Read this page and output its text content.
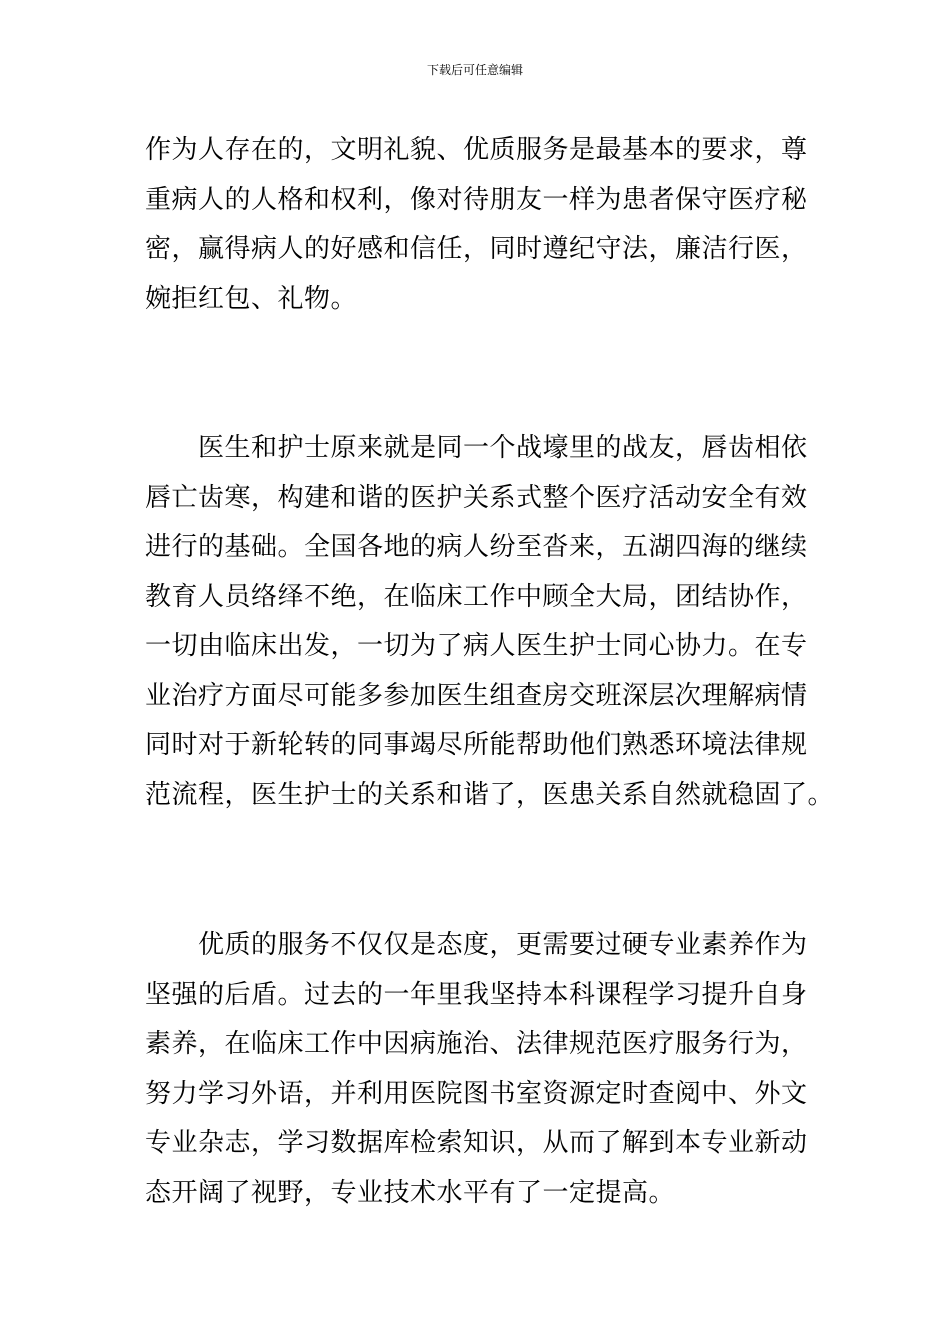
下载后可任意编辑
作为人存在的，文明礼貌、优质服务是最基本的要求，尊
重病人的人格和权利，像对待朋友一样为患者保守医疗秘
密，赢得病人的好感和信任，同时遵纪守法，廉洁行医，
婉拒红包、礼物。
　　医生和护士原来就是同一个战壕里的战友，唇齿相依
唇亡齿寒，构建和谐的医护关系式整个医疗活动安全有效
进行的基础。全国各地的病人纷至沓来，五湖四海的继续
教育人员络绎不绝，在临床工作中顾全大局，团结协作，
一切由临床出发，一切为了病人医生护士同心协力。在专
业治疗方面尽可能多参加医生组查房交班深层次理解病情
同时对于新轮转的同事竭尽所能帮助他们熟悉环境法律规
范流程，医生护士的关系和谐了，医患关系自然就稳固了。
　　优质的服务不仅仅是态度，更需要过硬专业素养作为
坚强的后盾。过去的一年里我坚持本科课程学习提升自身
素养，在临床工作中因病施治、法律规范医疗服务行为，
努力学习外语，并利用医院图书室资源定时查阅中、外文
专业杂志，学习数据库检索知识，从而了解到本专业新动
态开阔了视野，专业技术水平有了一定提高。
